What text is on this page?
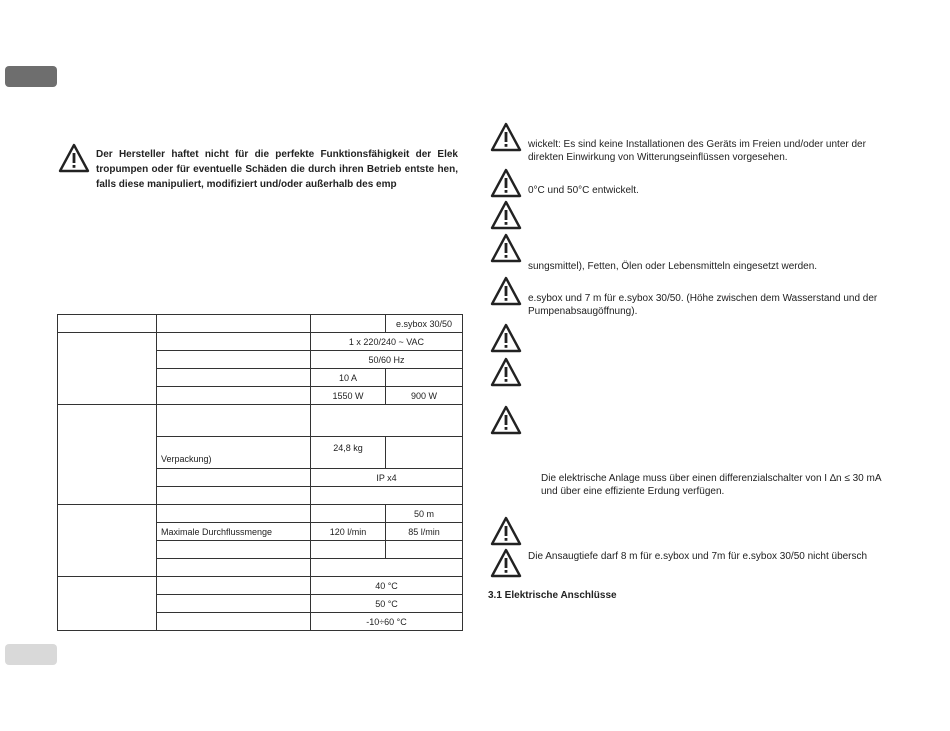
Der Hersteller haftet nicht für die perfekte Funktionsfähigkeit der Elek tropumpen oder für eventuelle Schäden die durch ihren Betrieb entste hen, falls diese manipuliert, modifiziert und/oder außerhalb des emp
			e.sybox 30/50
		1 x 220/240 ~ VAC	
		50/60 Hz	
		10 A	
		1550 W	900 W

	Verpackung)	24,8 kg	
		IP x4	

			50 m
	Maximale Durchflussmenge	120 l/min	85 l/min

		40 °C	
		50 °C	
		-10÷60 °C	
wickelt: Es sind keine Installationen des Geräts im Freien und/oder unter der direkten Einwirkung von Witterungseinflüssen vorgesehen.
0°C und 50°C entwickelt.
sungsmittel), Fetten, Ölen oder Lebensmitteln eingesetzt werden.
e.sybox und 7 m für e.sybox 30/50. (Höhe zwischen dem Wasserstand und der Pumpenabsaugöffnung).
Die elektrische Anlage muss über einen differenzialschalter von I ∆n ≤ 30 mA und über eine effiziente Erdung verfügen.
Die Ansaugtiefe darf 8 m für e.sybox und 7m für e.sybox 30/50 nicht übersch
3.1 Elektrische Anschlüsse
